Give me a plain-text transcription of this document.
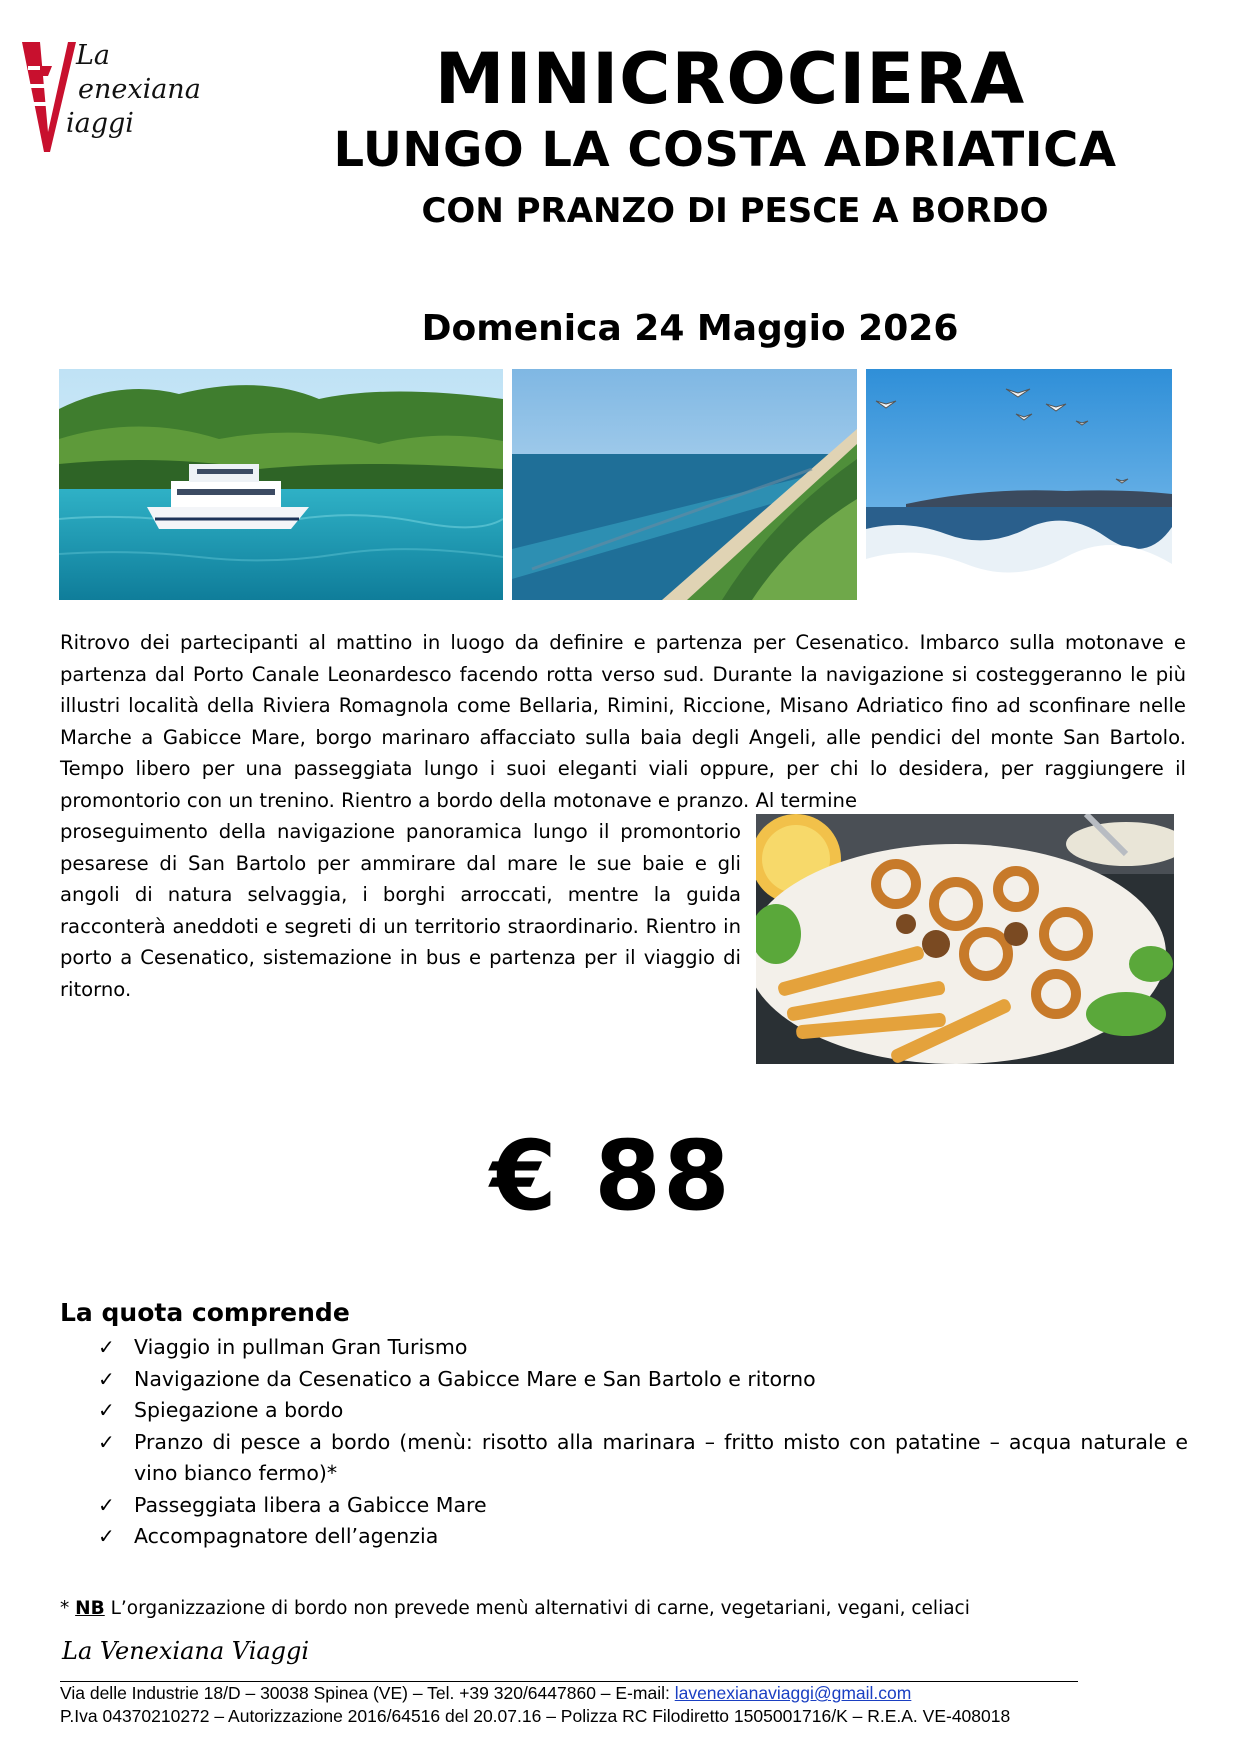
La
enexiana
iaggi
MINICROCIERA
LUNGO LA COSTA ADRIATICA
CON PRANZO DI PESCE A BORDO
Domenica 24 Maggio 2026
Ritrovo dei partecipanti al mattino in luogo da definire e partenza per Cesenatico. Imbarco sulla motonave e partenza dal Porto Canale Leonardesco facendo rotta verso sud. Durante la navigazione si costeggeranno le più illustri località della Riviera Romagnola come Bellaria, Rimini, Riccione, Misano Adriatico fino ad sconfinare nelle Marche a Gabicce Mare, borgo marinaro affacciato sulla baia degli Angeli, alle pendici del monte San Bartolo. Tempo libero per una passeggiata lungo i suoi eleganti viali oppure, per chi lo desidera, per raggiungere il promontorio con un trenino. Rientro a bordo della motonave e pranzo. Al termine
proseguimento della navigazione panoramica lungo il promontorio pesarese di San Bartolo per ammirare dal mare le sue baie e gli angoli di natura selvaggia, i borghi arroccati, mentre la guida racconterà aneddoti e segreti di un territorio straordinario. Rientro in porto a Cesenatico, sistemazione in bus e partenza per il viaggio di ritorno.
€ 88
La quota comprende
✓ Viaggio in pullman Gran Turismo
✓ Navigazione da Cesenatico a Gabicce Mare e San Bartolo e ritorno
✓ Spiegazione a bordo
✓ Pranzo di pesce a bordo (menù: risotto alla marinara – fritto misto con patatine – acqua naturale e vino bianco fermo)*
✓ Passeggiata libera a Gabicce Mare
✓ Accompagnatore dell’agenzia
* NB L’organizzazione di bordo non prevede menù alternativi di carne, vegetariani, vegani, celiaci
La Venexiana Viaggi
Via delle Industrie 18/D – 30038 Spinea (VE) – Tel. +39 320/6447860 – E-mail: lavenexianaviaggi@gmail.com
P.Iva 04370210272 – Autorizzazione 2016/64516 del 20.07.16 – Polizza RC Filodiretto 1505001716/K – R.E.A. VE-408018
